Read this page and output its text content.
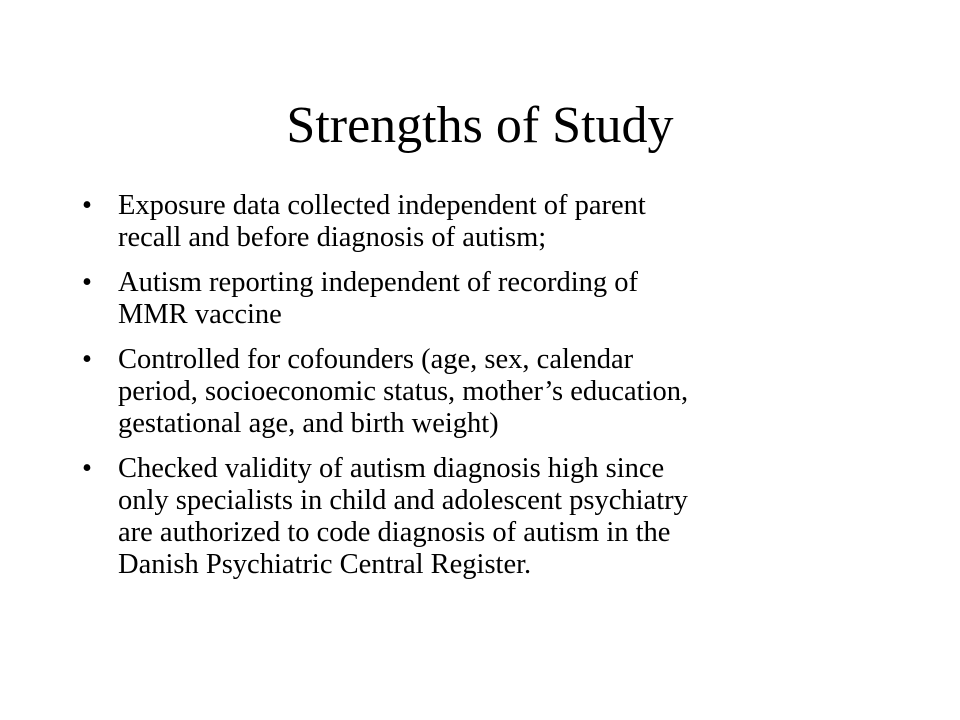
Strengths of Study
• Exposure data collected independent of parent
recall and before diagnosis of autism;
• Autism reporting independent of recording of
MMR vaccine
• Controlled for cofounders (age, sex, calendar
period, socioeconomic status, mother’s education,
gestational age, and birth weight)
• Checked validity of autism diagnosis high since
only specialists in child and adolescent psychiatry
are authorized to code diagnosis of autism in the
Danish Psychiatric Central Register.
